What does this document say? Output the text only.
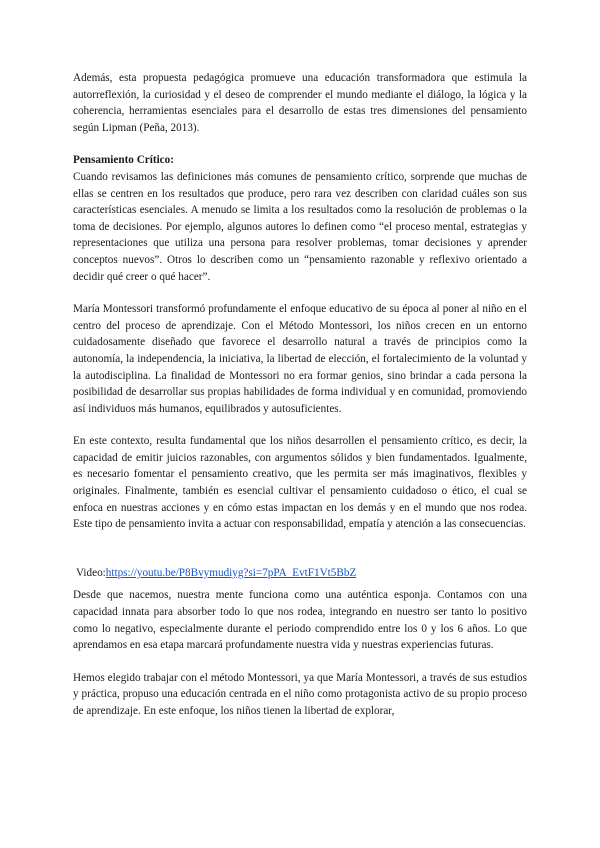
Además, esta propuesta pedagógica promueve una educación transformadora que estimula la autorreflexión, la curiosidad y el deseo de comprender el mundo mediante el diálogo, la lógica y la coherencia, herramientas esenciales para el desarrollo de estas tres dimensiones del pensamiento según Lipman (Peña, 2013).

Pensamiento Crítico:

Cuando revisamos las definiciones más comunes de pensamiento crítico, sorprende que muchas de ellas se centren en los resultados que produce, pero rara vez describen con claridad cuáles son sus características esenciales. A menudo se limita a los resultados como la resolución de problemas o la toma de decisiones. Por ejemplo, algunos autores lo definen como “el proceso mental, estrategias y representaciones que utiliza una persona para resolver problemas, tomar decisiones y aprender conceptos nuevos”. Otros lo describen como un “pensamiento razonable y reflexivo orientado a decidir qué creer o qué hacer”.

María Montessori transformó profundamente el enfoque educativo de su época al poner al niño en el centro del proceso de aprendizaje. Con el Método Montessori, los niños crecen en un entorno cuidadosamente diseñado que favorece el desarrollo natural a través de principios como la autonomía, la independencia, la iniciativa, la libertad de elección, el fortalecimiento de la voluntad y la autodisciplina. La finalidad de Montessori no era formar genios, sino brindar a cada persona la posibilidad de desarrollar sus propias habilidades de forma individual y en comunidad, promoviendo así individuos más humanos, equilibrados y autosuficientes.

En este contexto, resulta fundamental que los niños desarrollen el pensamiento crítico, es decir, la capacidad de emitir juicios razonables, con argumentos sólidos y bien fundamentados. Igualmente, es necesario fomentar el pensamiento creativo, que les permita ser más imaginativos, flexibles y originales. Finalmente, también es esencial cultivar el pensamiento cuidadoso o ético, el cual se enfoca en nuestras acciones y en cómo estas impactan en los demás y en el mundo que nos rodea. Este tipo de pensamiento invita a actuar con responsabilidad, empatía y atención a las consecuencias.

Video:https://youtu.be/P8Bvymudiyg?si=7pPA_EvtF1Vt5BbZ

Desde que nacemos, nuestra mente funciona como una auténtica esponja. Contamos con una capacidad innata para absorber todo lo que nos rodea, integrando en nuestro ser tanto lo positivo como lo negativo, especialmente durante el periodo comprendido entre los 0 y los 6 años. Lo que aprendamos en esa etapa marcará profundamente nuestra vida y nuestras experiencias futuras.

Hemos elegido trabajar con el método Montessori, ya que María Montessori, a través de sus estudios y práctica, propuso una educación centrada en el niño como protagonista activo de su propio proceso de aprendizaje. En este enfoque, los niños tienen la libertad de explorar,
